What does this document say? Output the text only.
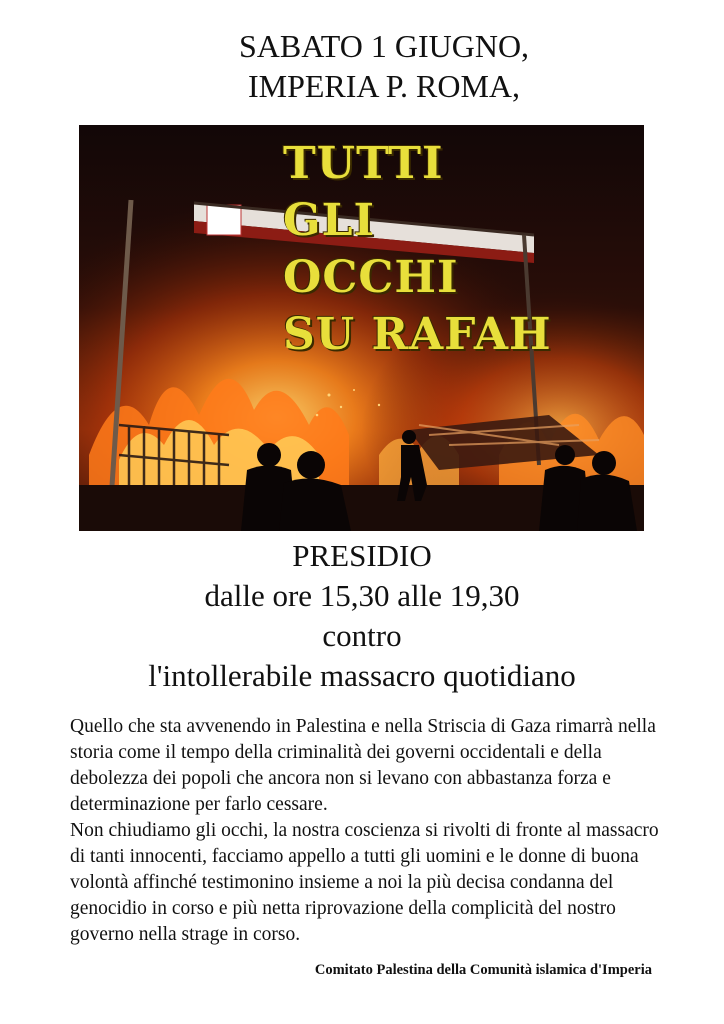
SABATO 1 GIUGNO,
IMPERIA P. ROMA,
TUTTI
GLI
OCCHI
SU RAFAH
PRESIDIO
dalle ore 15,30 alle 19,30
contro
l'intollerabile massacro quotidiano

Quello che sta avvenendo in Palestina e nella Striscia di Gaza rimarrà nella storia come il tempo della criminalità dei governi occidentali e della debolezza dei popoli che ancora non si levano con abbastanza forza e determinazione per farlo cessare.

Non chiudiamo gli occhi, la nostra coscienza si rivolti di fronte al massacro di tanti innocenti, facciamo appello a tutti gli uomini e le donne di buona volontà affinché testimonino insieme a noi la più decisa condanna del genocidio in corso e più netta riprovazione della complicità del nostro governo nella strage in corso.

Comitato Palestina della Comunità islamica d'Imperia
